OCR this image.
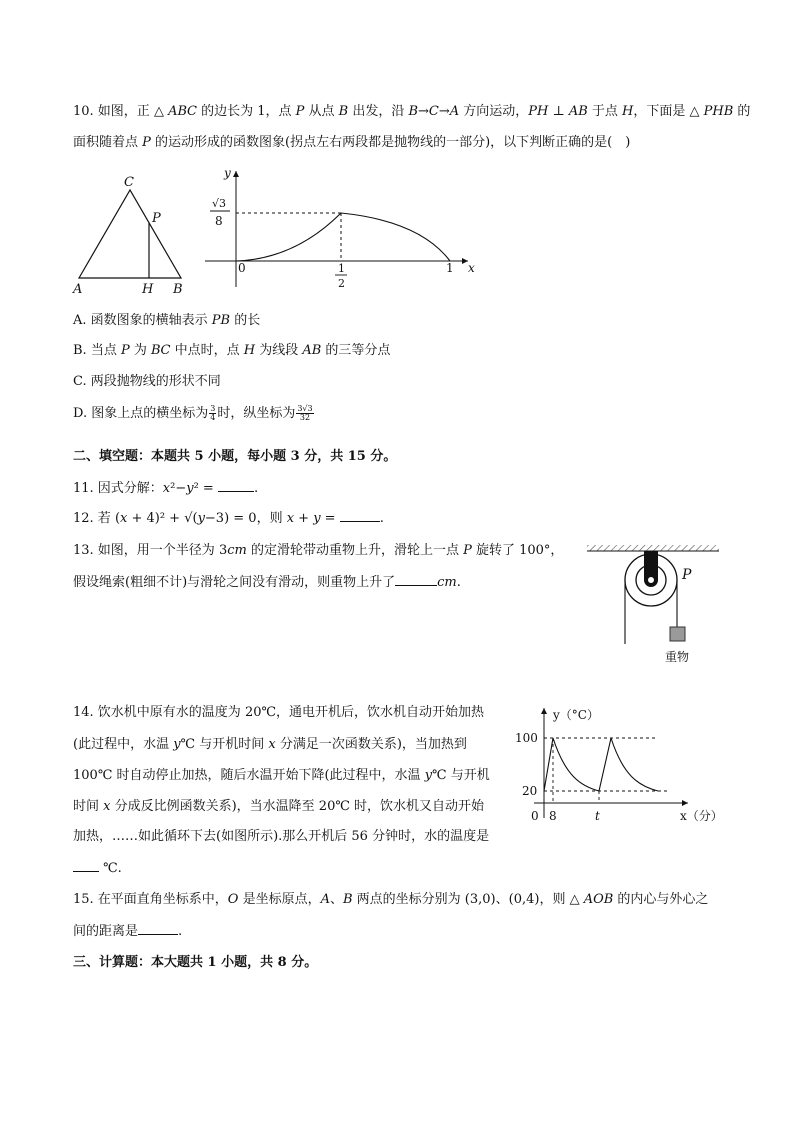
10. 如图，正 △ 𝐴𝐵𝐶 的边长为 1，点 𝑃 从点 𝐵 出发，沿 𝐵→𝐶→𝐴 方向运动，𝑃𝐻 ⊥ 𝐴𝐵 于点 𝐻，下面是 △ 𝑃𝐻𝐵 的
面积随着点 𝑃 的运动形成的函数图象(拐点左右两段都是抛物线的一部分)，以下判断正确的是(　)
C
P
A	H B
y
x
0
√3
8
1
2
1
A. 函数图象的横轴表示 𝑃𝐵 的长
B. 当点 𝑃 为 𝐵𝐶 中点时，点 𝐻 为线段 𝐴𝐵 的三等分点
C. 两段抛物线的形状不同
D. 图象上点的横坐标为 $\frac{3}{4}$ 时，纵坐标为 $\frac{3√3}{32}$
二、填空题：本题共 5 小题，每小题 3 分，共 15 分。
11. 因式分解：𝑥²−𝑦² =	.
12. 若 (𝑥 + 4)² + √(𝑦−3) = 0，则 𝑥 + 𝑦 =	.
13. 如图，用一个半径为 3𝑐𝑚 的定滑轮带动重物上升，滑轮上一点 𝑃 旋转了 100°，
假设绳索(粗细不计)与滑轮之间没有滑动，则重物上升了	𝑐𝑚.	P
重物
14. 饮水机中原有水的温度为 20℃，通电开机后，饮水机自动开始加热
(此过程中，水温 𝑦℃ 与开机时间 𝑥 分满足一次函数关系)，当加热到
100℃ 时自动停止加热，随后水温开始下降(此过程中，水温 𝑦℃ 与开机
时间 𝑥 分成反比例函数关系)，当水温降至 20℃ 时，饮水机又自动开始
加热，……如此循环下去(如图所示).那么开机后 56 分钟时，水的温度是
℃.
y（°C）
100
20
0 8	t	x（分）
15. 在平面直角坐标系中，𝑂 是坐标原点，𝐴、𝐵 两点的坐标分别为 (3,0)、(0,4)，则 △ 𝐴𝑂𝐵 的内心与外心之
间的距离是	.
三、计算题：本大题共 1 小题，共 8 分。
